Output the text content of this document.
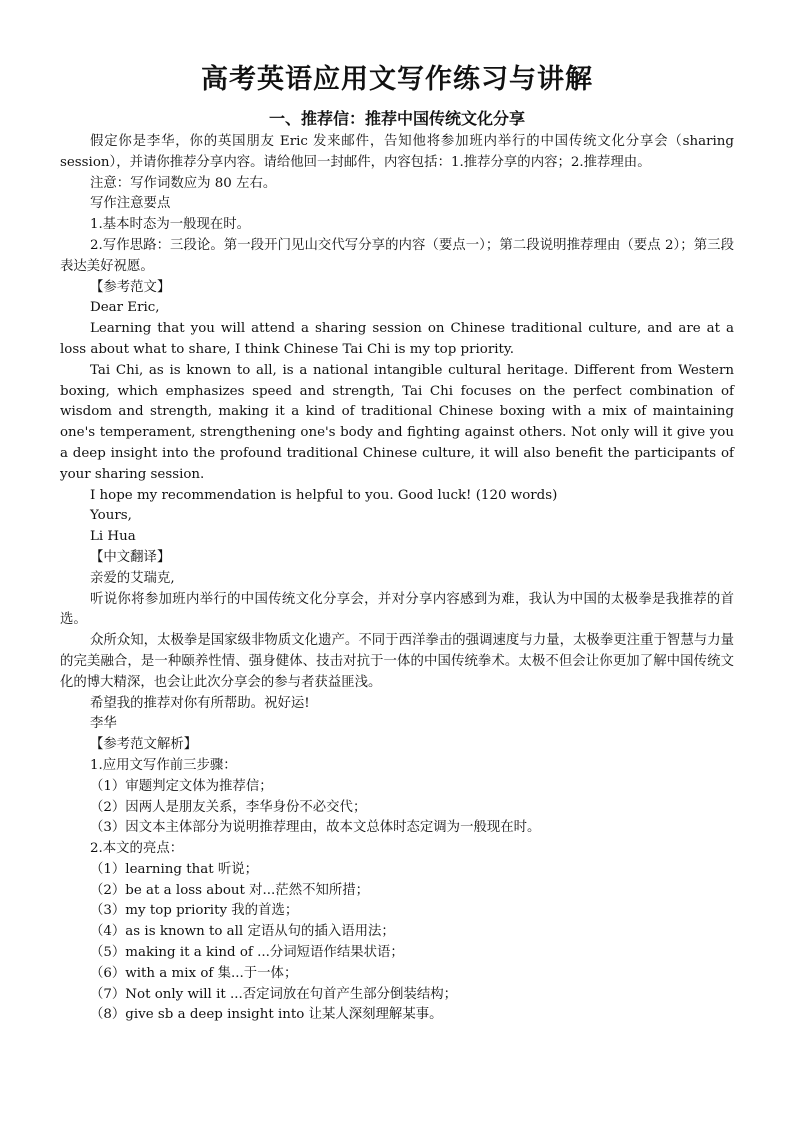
高考英语应用文写作练习与讲解
一、推荐信：推荐中国传统文化分享

假定你是李华，你的英国朋友 Eric 发来邮件，告知他将参加班内举行的中国传统文化分享会（sharing session），并请你推荐分享内容。请给他回一封邮件，内容包括：1.推荐分享的内容；2.推荐理由。

注意：写作词数应为 80 左右。

写作注意要点

1.基本时态为一般现在时。

2.写作思路：三段论。第一段开门见山交代写分享的内容（要点一）；第二段说明推荐理由（要点 2）；第三段表达美好祝愿。

【参考范文】

Dear Eric,

Learning that you will attend a sharing session on Chinese traditional culture, and are at a loss about what to share, I think Chinese Tai Chi is my top priority.

Tai Chi, as is known to all, is a national intangible cultural heritage. Different from Western boxing, which emphasizes speed and strength, Tai Chi focuses on the perfect combination of wisdom and strength, making it a kind of traditional Chinese boxing with a mix of maintaining one's temperament, strengthening one's body and fighting against others. Not only will it give you a deep insight into the profound traditional Chinese culture, it will also benefit the participants of your sharing session.

I hope my recommendation is helpful to you. Good luck! (120 words)

Yours,

Li Hua

【中文翻译】

亲爱的艾瑞克,

听说你将参加班内举行的中国传统文化分享会，并对分享内容感到为难，我认为中国的太极拳是我推荐的首选。

众所众知，太极拳是国家级非物质文化遗产。不同于西洋拳击的强调速度与力量，太极拳更注重于智慧与力量的完美融合，是一种颐养性情、强身健体、技击对抗于一体的中国传统拳术。太极不但会让你更加了解中国传统文化的博大精深，也会让此次分享会的参与者获益匪浅。

希望我的推荐对你有所帮助。祝好运!

李华

【参考范文解析】

1.应用文写作前三步骤：

（1）审题判定文体为推荐信；

（2）因两人是朋友关系，李华身份不必交代；

（3）因文本主体部分为说明推荐理由，故本文总体时态定调为一般现在时。

2.本文的亮点：

（1）learning that 听说；

（2）be at a loss about 对...茫然不知所措；

（3）my top priority 我的首选；

（4）as is known to all 定语从句的插入语用法；

（5）making it a kind of ...分词短语作结果状语；

（6）with a mix of 集...于一体；

（7）Not only will it ...否定词放在句首产生部分倒装结构；

（8）give sb a deep insight into 让某人深刻理解某事。
